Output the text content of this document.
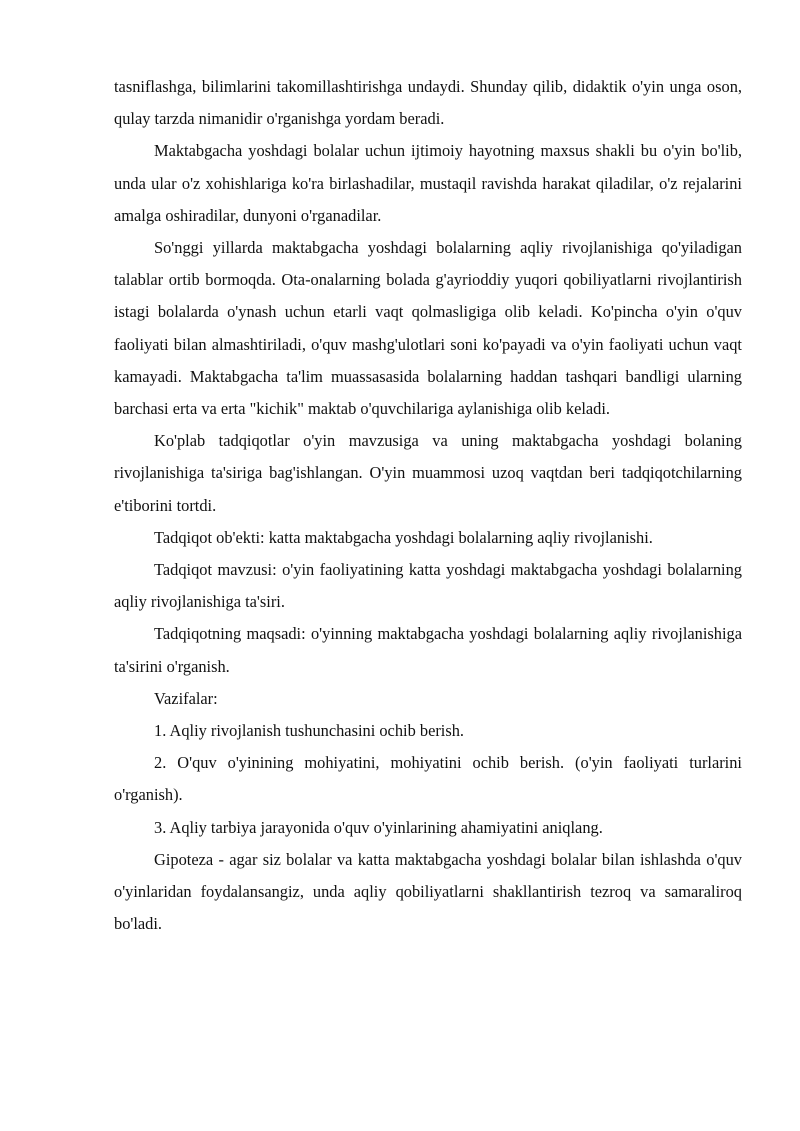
tasniflashga, bilimlarini takomillashtirishga undaydi. Shunday qilib, didaktik o'yin unga oson, qulay tarzda nimanidir o'rganishga yordam beradi.

Maktabgacha yoshdagi bolalar uchun ijtimoiy hayotning maxsus shakli bu o'yin bo'lib, unda ular o'z xohishlariga ko'ra birlashadilar, mustaqil ravishda harakat qiladilar, o'z rejalarini amalga oshiradilar, dunyoni o'rganadilar.

So'nggi yillarda maktabgacha yoshdagi bolalarning aqliy rivojlanishiga qo'yiladigan talablar ortib bormoqda. Ota-onalarning bolada g'ayrioddiy yuqori qobiliyatlarni rivojlantirish istagi bolalarda o'ynash uchun etarli vaqt qolmasligiga olib keladi. Ko'pincha o'yin o'quv faoliyati bilan almashtiriladi, o'quv mashg'ulotlari soni ko'payadi va o'yin faoliyati uchun vaqt kamayadi. Maktabgacha ta'lim muassasasida bolalarning haddan tashqari bandligi ularning barchasi erta va erta "kichik" maktab o'quvchilariga aylanishiga olib keladi.

Ko'plab tadqiqotlar o'yin mavzusiga va uning maktabgacha yoshdagi bolaning rivojlanishiga ta'siriga bag'ishlangan. O'yin muammosi uzoq vaqtdan beri tadqiqotchilarning e'tiborini tortdi.

Tadqiqot ob'ekti: katta maktabgacha yoshdagi bolalarning aqliy rivojlanishi.

Tadqiqot mavzusi: o'yin faoliyatining katta yoshdagi maktabgacha yoshdagi bolalarning aqliy rivojlanishiga ta'siri.

Tadqiqotning maqsadi: o'yinning maktabgacha yoshdagi bolalarning aqliy rivojlanishiga ta'sirini o'rganish.

Vazifalar:

1. Aqliy rivojlanish tushunchasini ochib berish.

2. O'quv o'yinining mohiyatini, mohiyatini ochib berish. (o'yin faoliyati turlarini o'rganish).

3. Aqliy tarbiya jarayonida o'quv o'yinlarining ahamiyatini aniqlang.

Gipoteza - agar siz bolalar va katta maktabgacha yoshdagi bolalar bilan ishlashda o'quv o'yinlaridan foydalansangiz, unda aqliy qobiliyatlarni shakllantirish tezroq va samaraliroq bo'ladi.
